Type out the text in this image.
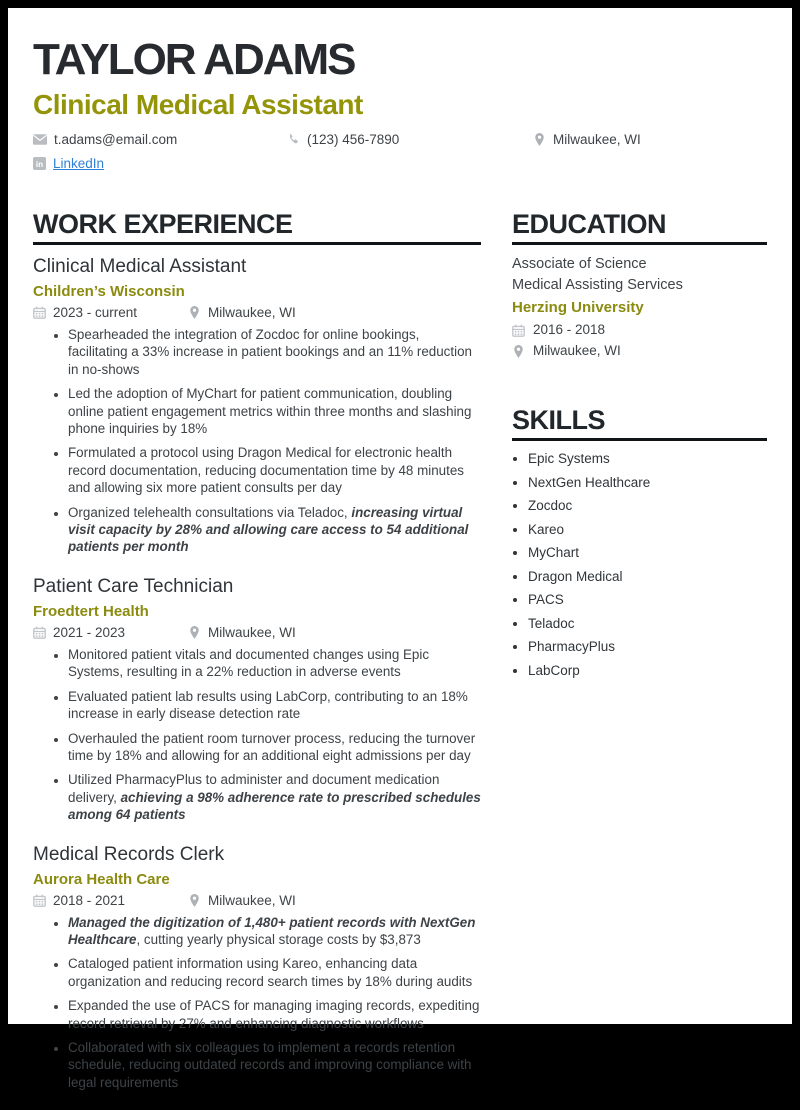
TAYLOR ADAMS
Clinical Medical Assistant
t.adams@email.com	(123) 456-7890	Milwaukee, WI
in LinkedIn
WORK EXPERIENCE
Clinical Medical Assistant

Children’s Wisconsin

2023 - current	Milwaukee, WI
• Spearheaded the integration of Zocdoc for online bookings, facilitating a 33% increase in patient bookings and an 11% reduction in no-shows
• Led the adoption of MyChart for patient communication, doubling online patient engagement metrics within three months and slashing phone inquiries by 18%
• Formulated a protocol using Dragon Medical for electronic health record documentation, reducing documentation time by 48 minutes and allowing six more patient consults per day
• Organized telehealth consultations via Teladoc, increasing virtual visit capacity by 28% and allowing care access to 54 additional patients per month
Patient Care Technician

Froedtert Health

2021 - 2023	Milwaukee, WI
• Monitored patient vitals and documented changes using Epic Systems, resulting in a 22% reduction in adverse events
• Evaluated patient lab results using LabCorp, contributing to an 18% increase in early disease detection rate
• Overhauled the patient room turnover process, reducing the turnover time by 18% and allowing for an additional eight admissions per day
• Utilized PharmacyPlus to administer and document medication delivery, achieving a 98% adherence rate to prescribed schedules among 64 patients
Medical Records Clerk

Aurora Health Care

2018 - 2021	Milwaukee, WI
• Managed the digitization of 1,480+ patient records with NextGen Healthcare, cutting yearly physical storage costs by $3,873
• Cataloged patient information using Kareo, enhancing data organization and reducing record search times by 18% during audits
• Expanded the use of PACS for managing imaging records, expediting record retrieval by 27% and enhancing diagnostic workflows
• Collaborated with six colleagues to implement a records retention schedule, reducing outdated records and improving compliance with legal requirements
EDUCATION

Associate of Science

Medical Assisting Services

Herzing University

2016 - 2018
Milwaukee, WI
SKILLS
• Epic Systems
• NextGen Healthcare
• Zocdoc
• Kareo
• MyChart
• Dragon Medical
• PACS
• Teladoc
• PharmacyPlus
• LabCorp
